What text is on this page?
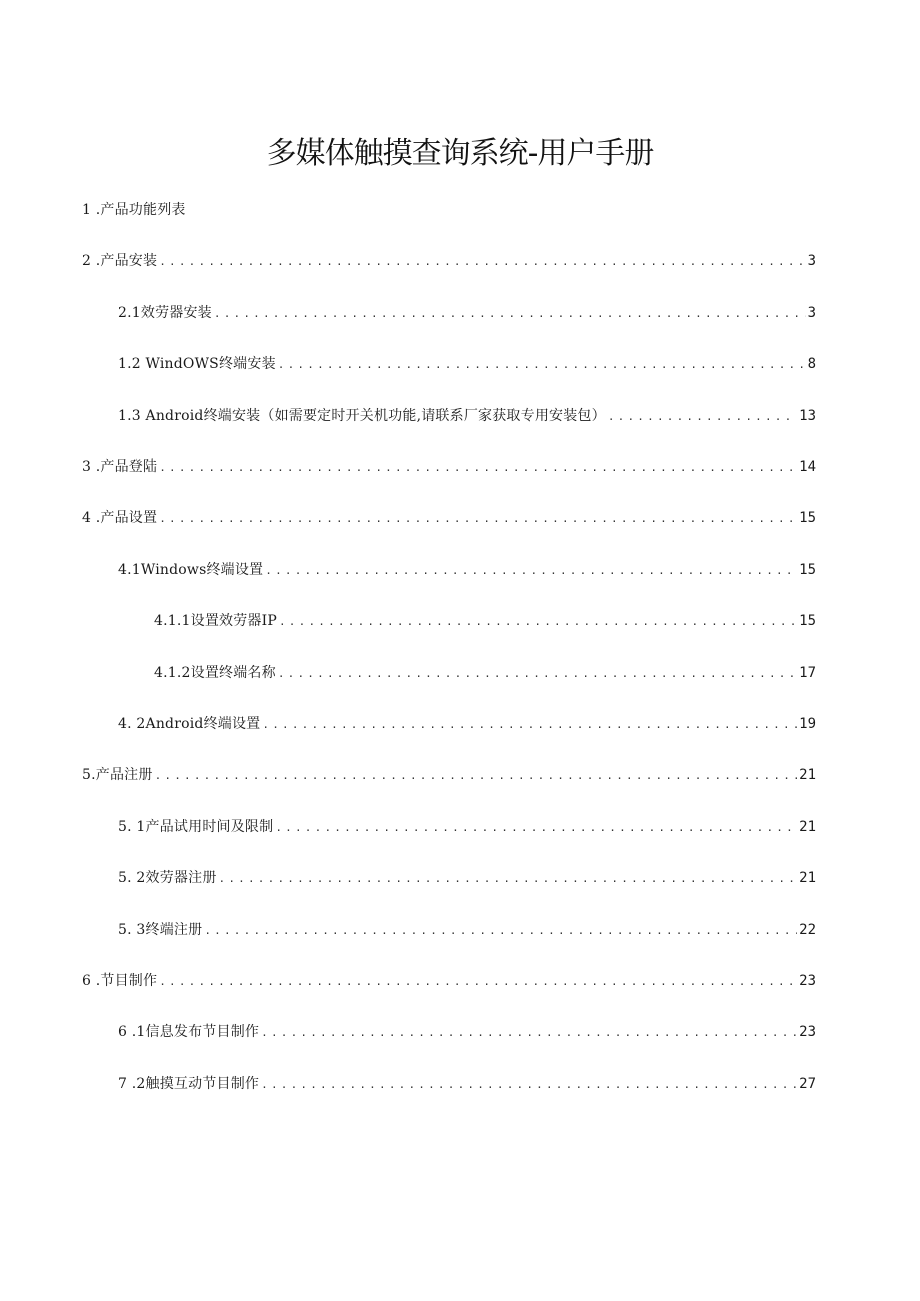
多媒体触摸查询系统-用户手册
1 .产品功能列表
2 .产品安装 .....	3
2.1效劳器安装 .....	3
1.2 WindOWS终端安装 .....	8
1.3 Android终端安装（如需要定时开关机功能,请联系厂家获取专用安装包） .....	13
3 .产品登陆 .....	14
4 .产品设置 .....	15
4.1Windows终端设置 .....	15
4.1.1设置效劳器IP .....	15
4.1.2设置终端名称 .....	17
4. 2Android终端设置 .....	19
5.产品注册 .....	21
5. 1产品试用时间及限制 .....	21
5. 2效劳器注册 .....	21
5. 3终端注册 .....	22
6 .节目制作 .....	23
6 .1信息发布节目制作 .....	23
7 .2触摸互动节目制作 .....	27
